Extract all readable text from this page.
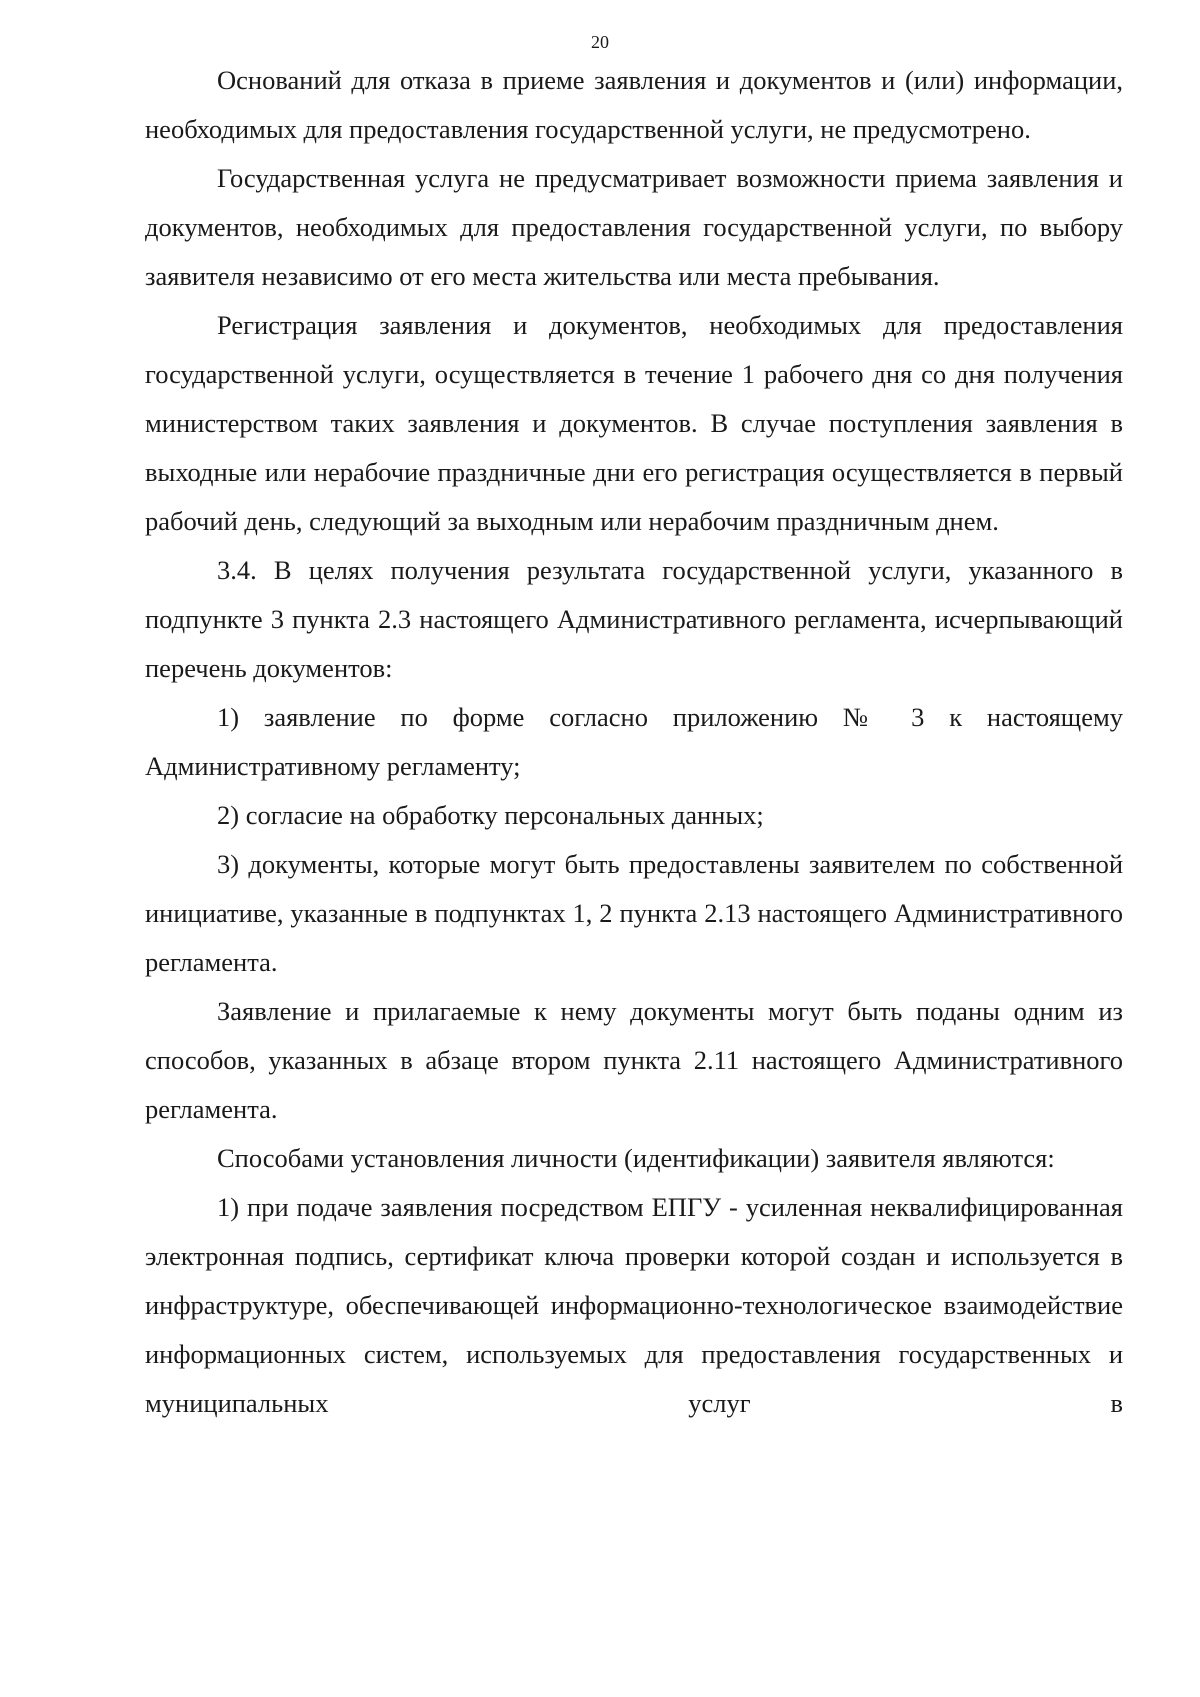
20

Оснований для отказа в приеме заявления и документов и (или) информации, необходимых для предоставления государственной услуги, не предусмотрено.

Государственная услуга не предусматривает возможности приема заявления и документов, необходимых для предоставления государственной услуги, по выбору заявителя независимо от его места жительства или места пребывания.

Регистрация заявления и документов, необходимых для предоставления государственной услуги, осуществляется в течение 1 рабочего дня со дня получения министерством таких заявления и документов. В случае поступления заявления в выходные или нерабочие праздничные дни его регистрация осуществляется в первый рабочий день, следующий за выходным или нерабочим праздничным днем.

3.4. В целях получения результата государственной услуги, указанного в подпункте 3 пункта 2.3 настоящего Административного регламента, исчерпывающий перечень документов:

1) заявление по форме согласно приложению № 3 к настоящему Административному регламенту;

2) согласие на обработку персональных данных;

3) документы, которые могут быть предоставлены заявителем по собственной инициативе, указанные в подпунктах 1, 2 пункта 2.13 настоящего Административного регламента.

Заявление и прилагаемые к нему документы могут быть поданы одним из способов, указанных в абзаце втором пункта 2.11 настоящего Административного регламента.

Способами установления личности (идентификации) заявителя являются:

1) при подаче заявления посредством ЕПГУ - усиленная неквалифицированная электронная подпись, сертификат ключа проверки которой создан и используется в инфраструктуре, обеспечивающей информационно-технологическое взаимодействие информационных систем, используемых для предоставления государственных и муниципальных услуг в
